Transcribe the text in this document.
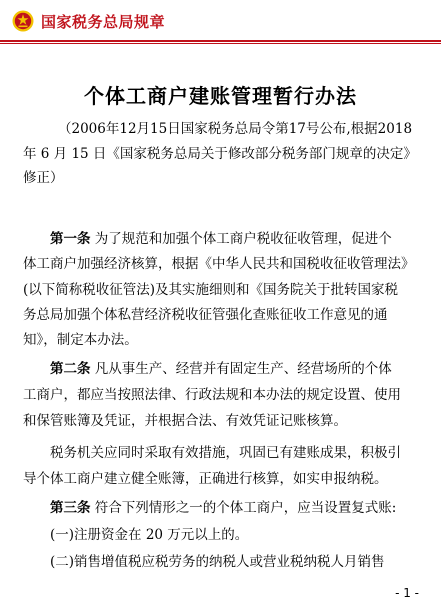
国家税务总局规章
个体工商户建账管理暂行办法
（2006年12月15日国家税务总局令第17号公布,根据2018
年 6 月 15 日《国家税务总局关于修改部分税务部门规章的决定》
修正）
第一条 为了规范和加强个体工商户税收征收管理，促进个
体工商户加强经济核算，根据《中华人民共和国税收征收管理法》
(以下简称税收征管法)及其实施细则和《国务院关于批转国家税
务总局加强个体私营经济税收征管强化查账征收工作意见的通
知》，制定本办法。
第二条 凡从事生产、经营并有固定生产、经营场所的个体
工商户，都应当按照法律、行政法规和本办法的规定设置、使用
和保管账簿及凭证，并根据合法、有效凭证记账核算。
税务机关应同时采取有效措施，巩固已有建账成果，积极引
导个体工商户建立健全账簿，正确进行核算，如实申报纳税。
第三条 符合下列情形之一的个体工商户，应当设置复式账:
(一)注册资金在 20 万元以上的。
(二)销售增值税应税劳务的纳税人或营业税纳税人月销售
- 1 -
